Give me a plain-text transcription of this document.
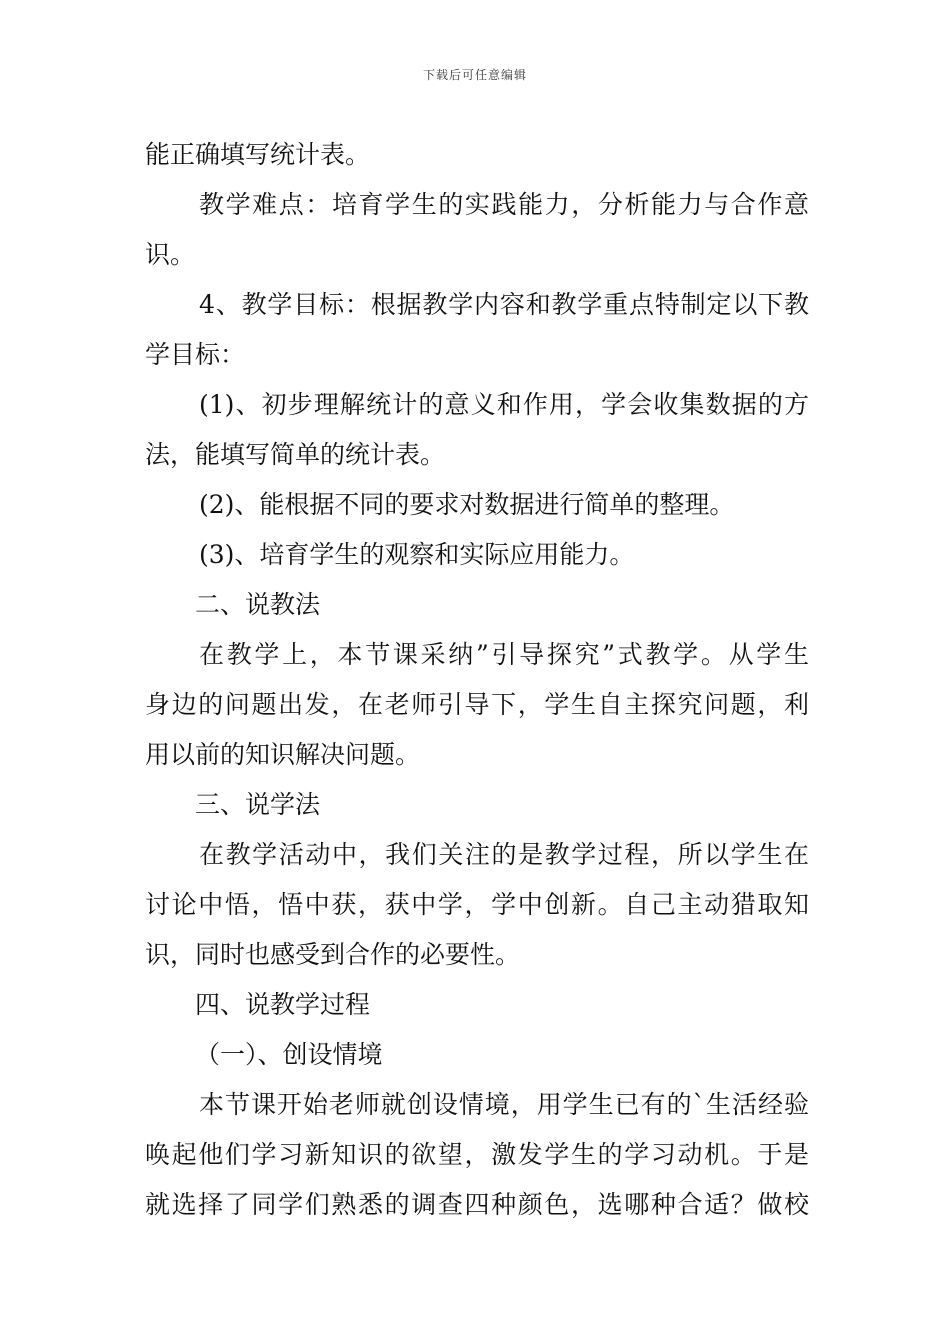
下载后可任意编辑
能正确填写统计表。
教学难点：培育学生的实践能力，分析能力与合作意
识。
4、教学目标：根据教学内容和教学重点特制定以下教
学目标：
(1)、初步理解统计的意义和作用，学会收集数据的方
法，能填写简单的统计表。
(2)、能根据不同的要求对数据进行简单的整理。
(3)、培育学生的观察和实际应用能力。
二、说教法
在教学上，本节课采纳”引导探究”式教学。从学生
身边的问题出发，在老师引导下，学生自主探究问题，利
用以前的知识解决问题。
三、说学法
在教学活动中，我们关注的是教学过程，所以学生在
讨论中悟，悟中获，获中学，学中创新。自己主动猎取知
识，同时也感受到合作的必要性。
四、说教学过程
（一）、创设情境
本节课开始老师就创设情境，用学生已有的`生活经验
唤起他们学习新知识的欲望，激发学生的学习动机。于是
就选择了同学们熟悉的调查四种颜色，选哪种合适？做校
